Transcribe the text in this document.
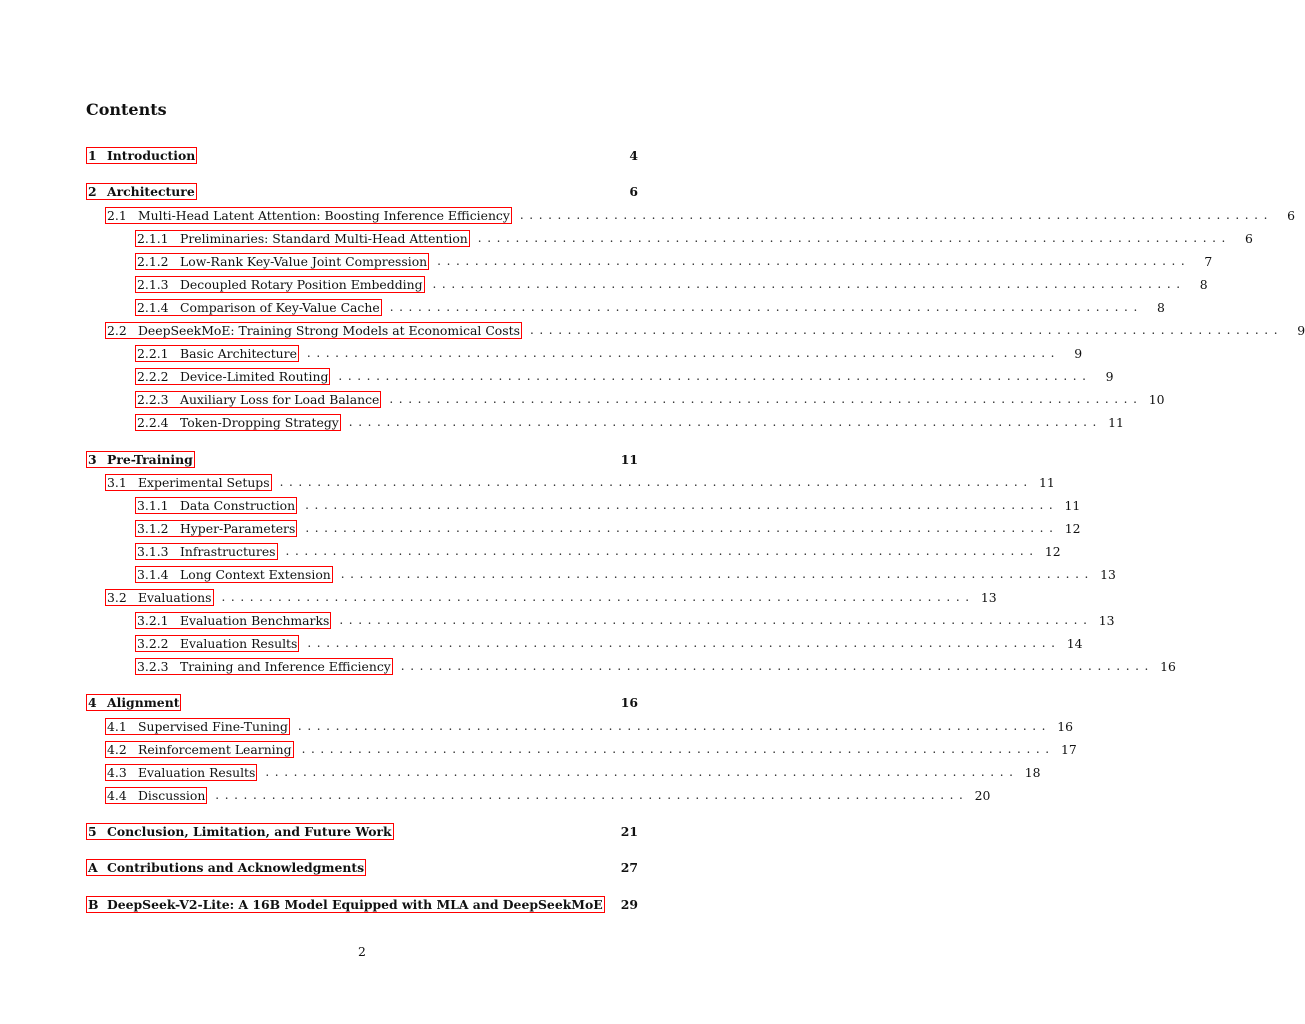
Contents
1 Introduction	4
2 Architecture	6
2.1 Multi-Head Latent Attention: Boosting Inference Efficiency ................................................................................	6
2.1.1 Preliminaries: Standard Multi-Head Attention ................................................................................	6
2.1.2 Low-Rank Key-Value Joint Compression ................................................................................	7
2.1.3 Decoupled Rotary Position Embedding ................................................................................	8
2.1.4 Comparison of Key-Value Cache ................................................................................	8
2.2 DeepSeekMoE: Training Strong Models at Economical Costs ................................................................................	9
2.2.1 Basic Architecture ................................................................................	9
2.2.2 Device-Limited Routing ................................................................................	9
2.2.3 Auxiliary Loss for Load Balance ................................................................................ 10
2.2.4 Token-Dropping Strategy ................................................................................ 11
3 Pre-Training	11
3.1 Experimental Setups ................................................................................ 11
3.1.1 Data Construction ................................................................................ 11
3.1.2 Hyper-Parameters ................................................................................ 12
3.1.3 Infrastructures ................................................................................ 12
3.1.4 Long Context Extension ................................................................................ 13
3.2 Evaluations ................................................................................ 13
3.2.1 Evaluation Benchmarks ................................................................................ 13
3.2.2 Evaluation Results ................................................................................ 14
3.2.3 Training and Inference Efficiency ................................................................................ 16
4 Alignment	16
4.1 Supervised Fine-Tuning ................................................................................ 16
4.2 Reinforcement Learning ................................................................................ 17
4.3 Evaluation Results ................................................................................ 18
4.4 Discussion ................................................................................ 20
5 Conclusion, Limitation, and Future Work	21
A Contributions and Acknowledgments	27
B DeepSeek-V2-Lite: A 16B Model Equipped with MLA and DeepSeekMoE 29
2
